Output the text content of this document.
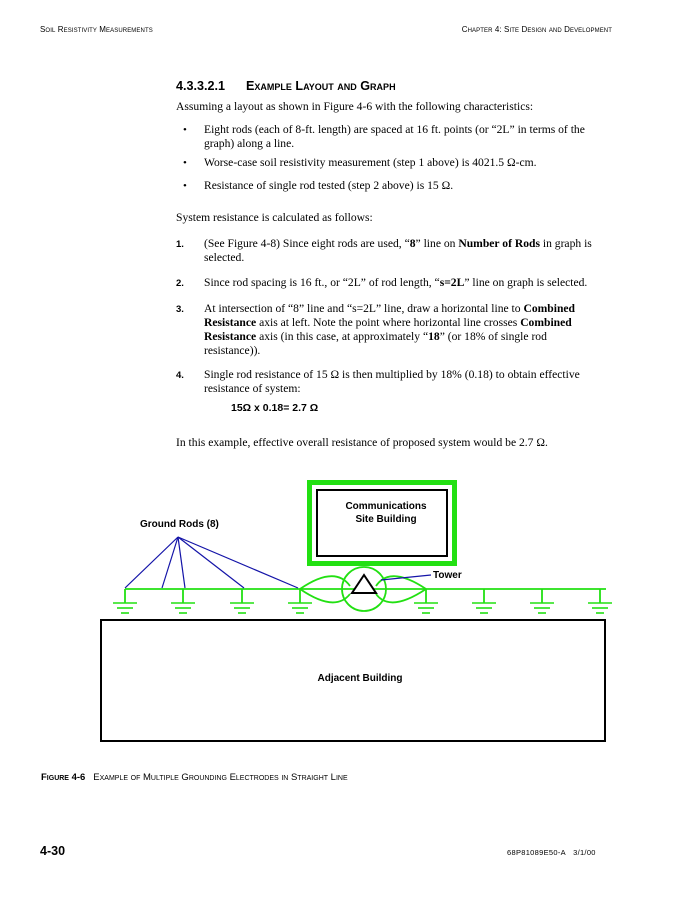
Soil Resistivity Measurements	Chapter 4: Site Design and Development
4.3.3.2.1 Example Layout and Graph
Assuming a layout as shown in Figure 4-6 with the following characteristics:
• Eight rods (each of 8-ft. length) are spaced at 16 ft. points (or “2L” in terms of the
graph) along a line.
• Worse-case soil resistivity measurement (step 1 above) is 4021.5 Ω-cm.
• Resistance of single rod tested (step 2 above) is 15 Ω.
System resistance is calculated as follows:
1. (See Figure 4-8) Since eight rods are used, “8” line on Number of Rods in graph is
selected.
2. Since rod spacing is 16 ft., or “2L” of rod length, “s=2L” line on graph is selected.
3. At intersection of “8” line and “s=2L” line, draw a horizontal line to Combined
Resistance axis at left. Note the point where horizontal line crosses Combined
Resistance axis (in this case, at approximately “18” (or 18% of single rod
resistance)).
4. Single rod resistance of 15 Ω is then multiplied by 18% (0.18) to obtain effective
resistance of system:
15Ω x 0.18= 2.7 Ω
In this example, effective overall resistance of proposed system would be 2.7 Ω.
Communications
Site Building
Ground Rods (8)
Tower
Adjacent Building
Figure 4-6 Example of Multiple Grounding Electrodes in Straight Line
4-30	68P81089E50-A 3/1/00
